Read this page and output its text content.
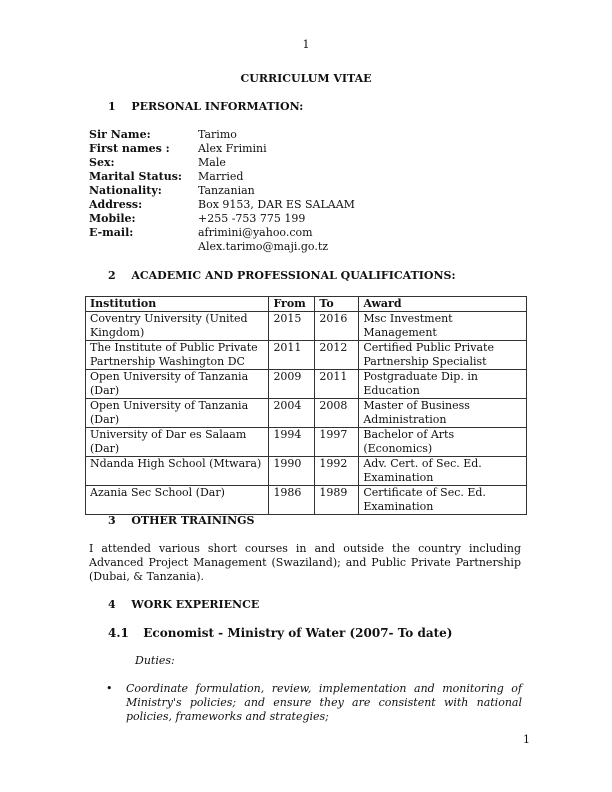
1
CURRICULUM VITAE
1 PERSONAL INFORMATION:
Sir Name:	Tarimo
First names :	Alex Frimini
Sex:	Male
Marital Status: Married
Nationality:	Tanzanian
Address:	Box 9153, DAR ES SALAAM
Mobile:	+255 -753 775 199
E-mail:	afrimini@yahoo.com
Alex.tarimo@maji.go.tz
2 ACADEMIC AND PROFESSIONAL QUALIFICATIONS:
Institution	From	To	Award
Coventry University (United Kingdom)	2015	2016	Msc Investment Management
The Institute of Public Private Partnership Washington DC	2011	2012	Certified Public Private Partnership Specialist
Open University of Tanzania (Dar)	2009	2011	Postgraduate Dip. in Education
Open University of Tanzania (Dar)	2004	2008	Master of Business Administration
University of Dar es Salaam (Dar)	1994	1997	Bachelor of Arts (Economics)
Ndanda High School (Mtwara)	1990	1992	Adv. Cert. of Sec. Ed. Examination
Azania Sec School (Dar)	1986	1989	Certificate of Sec. Ed. Examination
3 OTHER TRAININGS
I attended various short courses in and outside the country including Advanced Project Management (Swaziland); and Public Private Partnership (Dubai, & Tanzania).
4 WORK EXPERIENCE
4.1 Economist - Ministry of Water (2007- To date)
Duties:
•	Coordinate formulation, review, implementation and monitoring of Ministry's policies; and ensure they are consistent with national policies, frameworks and strategies;
1
